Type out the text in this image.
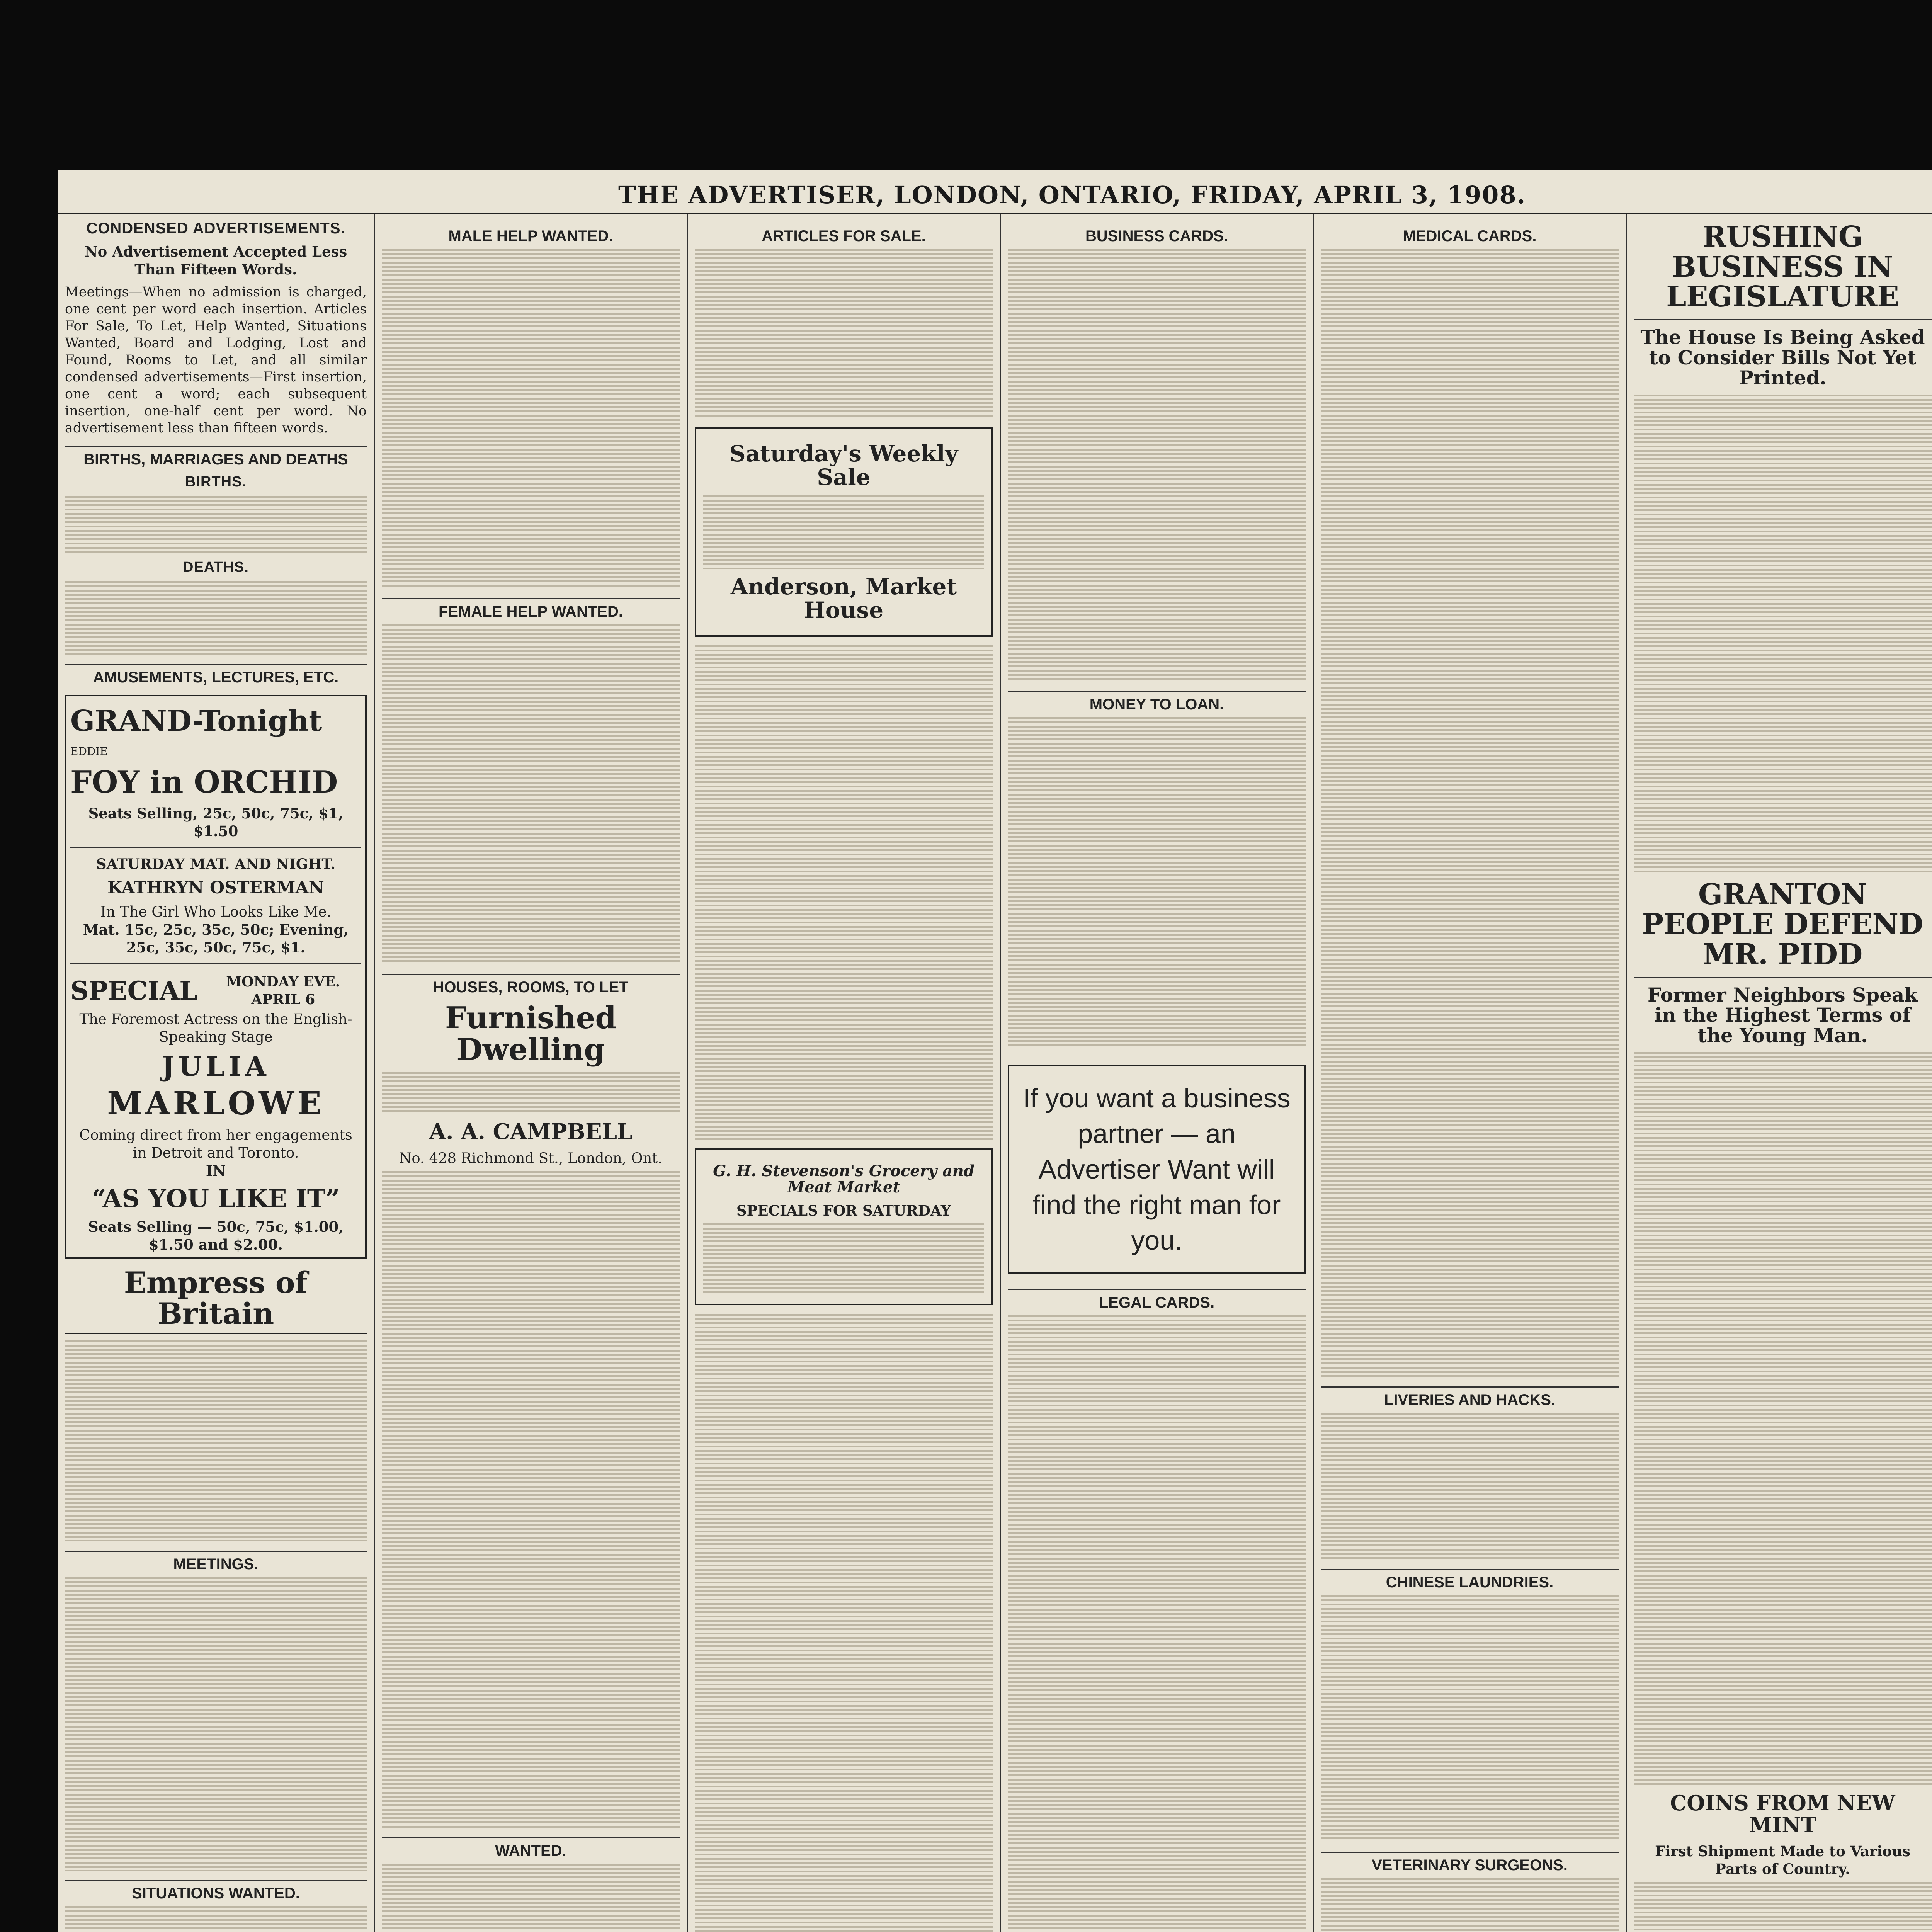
THE ADVERTISER, LONDON, ONTARIO, FRIDAY, APRIL 3, 1908.
CONDENSED ADVERTISEMENTS.
No Advertisement Accepted Less Than Fifteen Words.
Meetings—When no admission is charged, one cent per word each insertion. Articles For Sale, To Let, Help Wanted, Situations Wanted, Board and Lodging, Lost and Found, Rooms to Let, and all similar condensed advertisements—First insertion, one cent a word; each subsequent insertion, one-half cent per word. No advertisement less than fifteen words.
BIRTHS, MARRIAGES AND DEATHS
BIRTHS.
DEATHS.
AMUSEMENTS, LECTURES, ETC.
GRAND-Tonight
EDDIE
FOY in ORCHID
Seats Selling, 25c, 50c, 75c, $1, $1.50
SATURDAY MAT. AND NIGHT.
KATHRYN OSTERMAN
In The Girl Who Looks Like Me.
Mat. 15c, 25c, 35c, 50c; Evening, 25c, 35c, 50c, 75c, $1.
SPECIAL	MONDAY EVE. APRIL 6
The Foremost Actress on the English-Speaking Stage
JULIA
MARLOWE
Coming direct from her engagements in Detroit and Toronto.
IN
“AS YOU LIKE IT”
Seats Selling — 50c, 75c, $1.00, $1.50 and $2.00.
Empress of Britain
MEETINGS.
SITUATIONS WANTED.
MALE HELP WANTED.
FEMALE HELP WANTED.
HOUSES, ROOMS, TO LET
Furnished Dwelling
A. A. CAMPBELL
No. 428 Richmond St., London, Ont.
WANTED.
ARTICLES FOR SALE.
Saturday's Weekly Sale
Anderson, Market House
G. H. Stevenson's Grocery and Meat Market
SPECIALS FOR SATURDAY
BUSINESS CARDS.
MONEY TO LOAN.
If you want a business partner — an Advertiser Want will find the right man for you.
LEGAL CARDS.
MEDICAL CARDS.
LIVERIES AND HACKS.
CHINESE LAUNDRIES.
VETERINARY SURGEONS.
RUSHING BUSINESS IN LEGISLATURE
The House Is Being Asked to Consider Bills Not Yet Printed.
GRANTON PEOPLE DEFEND MR. PIDD
Former Neighbors Speak in the Highest Terms of the Young Man.
COINS FROM NEW MINT
First Shipment Made to Various Parts of Country.
